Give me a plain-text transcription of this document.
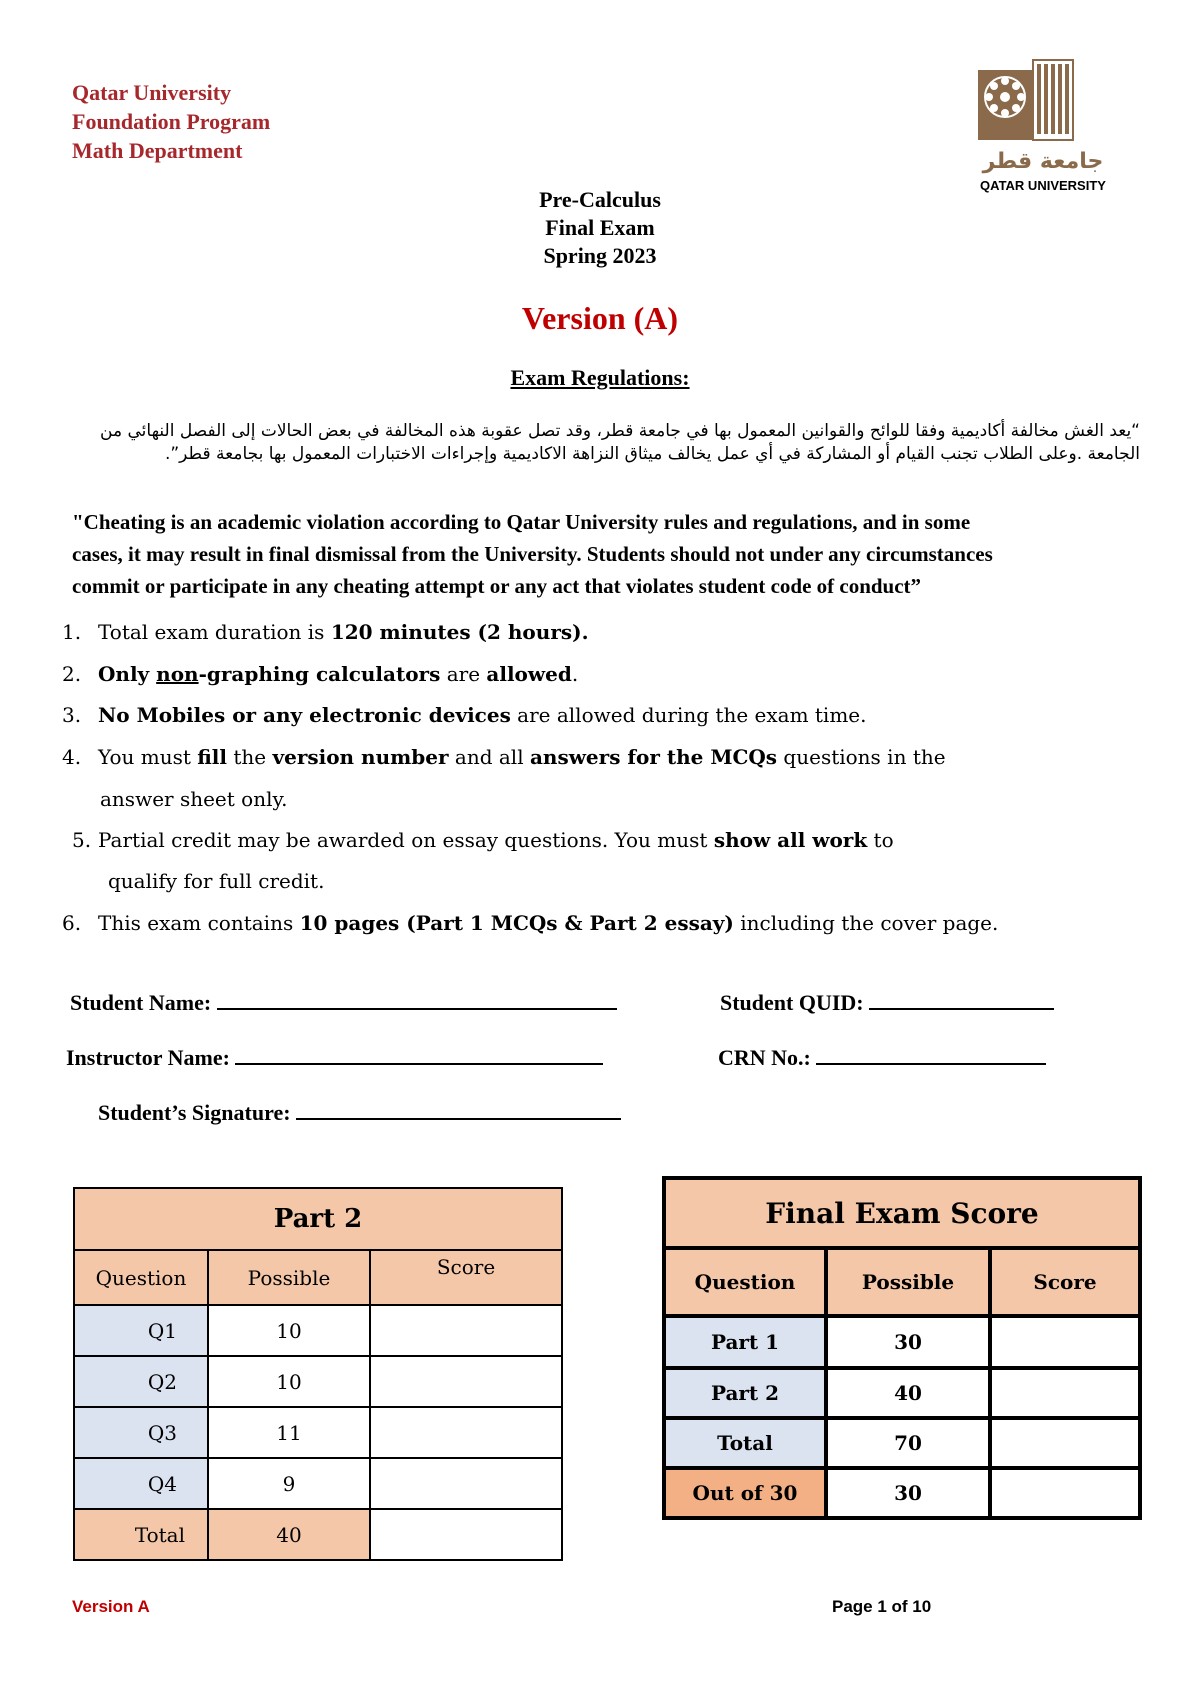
Qatar University
Foundation Program
Math Department	جامعة قطر
QATAR UNIVERSITY
Pre-Calculus
Final Exam
Spring 2023
Version (A)
Exam Regulations:
“يعد الغش مخالفة أكاديمية وفقا للوائح والقوانين المعمول بها في جامعة قطر، وقد تصل عقوبة هذه المخالفة في بعض الحالات إلى الفصل النهائي من الجامعة .وعلى الطلاب تجنب القيام أو المشاركة في أي عمل يخالف ميثاق النزاهة الاكاديمية وإجراءات الاختبارات المعمول بها بجامعة قطر”.
"Cheating is an academic violation according to Qatar University rules and regulations, and in some
cases, it may result in final dismissal from the University. Students should not under any circumstances
commit or participate in any cheating attempt or any act that violates student code of conduct”
1. Total exam duration is 120 minutes (2 hours).
2. Only non-graphing calculators are allowed.
3. No Mobiles or any electronic devices are allowed during the exam time.
4. You must fill the version number and all answers for the MCQs questions in the
answer sheet only.
5. Partial credit may be awarded on essay questions. You must show all work to
qualify for full credit.
6. This exam contains 10 pages (Part 1 MCQs & Part 2 essay) including the cover page.
Student Name:	Student QUID:
Instructor Name:	CRN No.:
Student’s Signature:
Part 2		
Question	Possible	Score
Q1	10	
Q2	10	
Q3	11	
Q4	9	
Total	40	
Final Exam Score		
Question	Possible	Score
Part 1	30	
Part 2	40	
Total	70	
Out of 30	30	
Version A	Page 1 of 10
